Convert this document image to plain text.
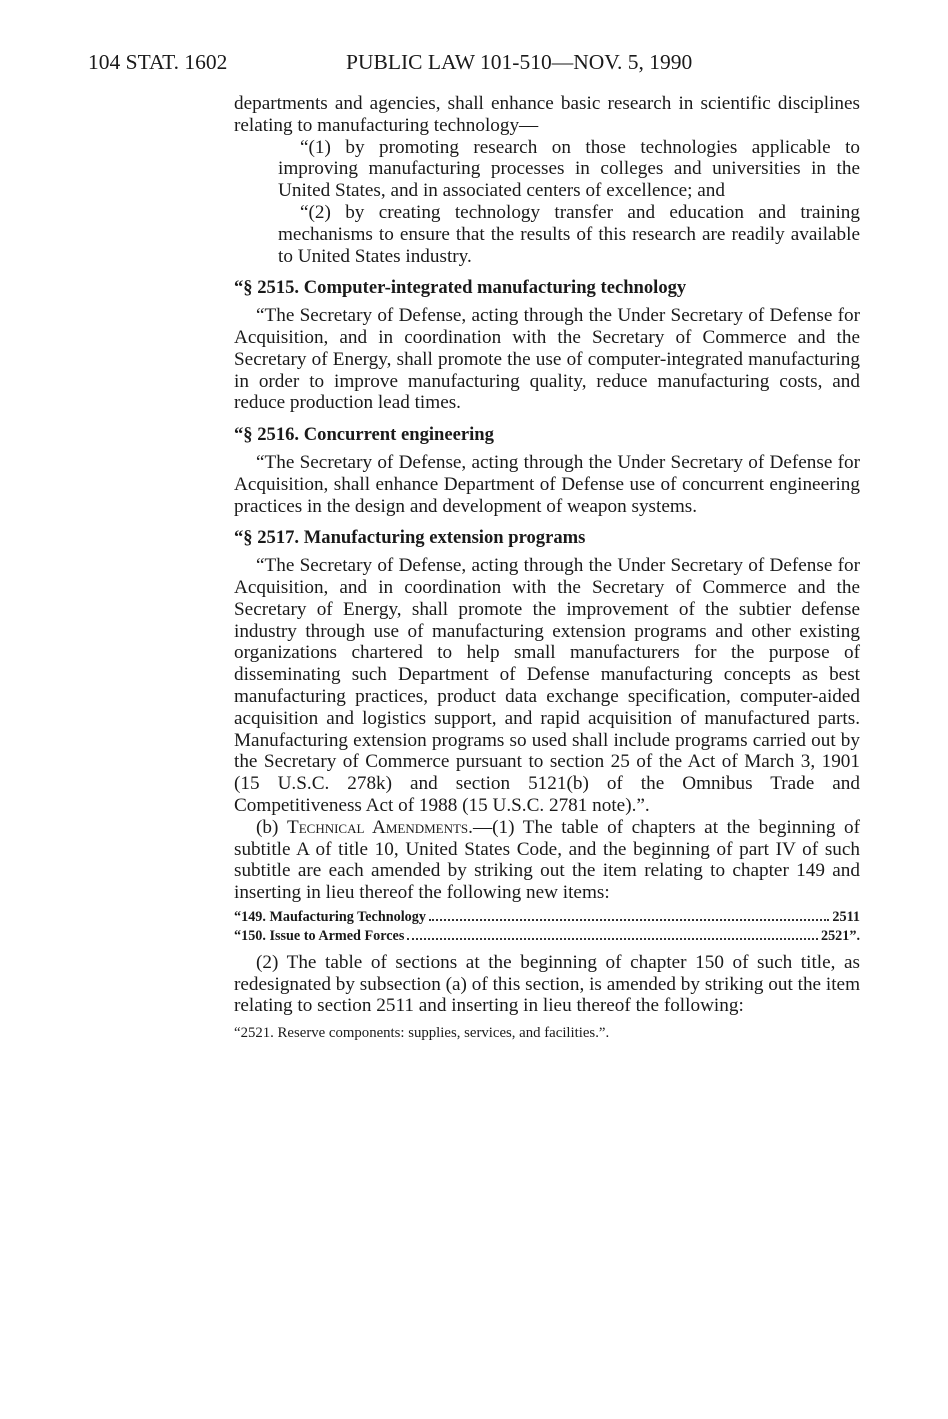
104 STAT. 1602	PUBLIC LAW 101-510—NOV. 5, 1990

departments and agencies, shall enhance basic research in scientific disciplines relating to manufacturing technology—

“(1) by promoting research on those technologies applicable to improving manufacturing processes in colleges and universities in the United States, and in associated centers of excellence; and

“(2) by creating technology transfer and education and training mechanisms to ensure that the results of this research are readily available to United States industry.

“§ 2515. Computer-integrated manufacturing technology

“The Secretary of Defense, acting through the Under Secretary of Defense for Acquisition, and in coordination with the Secretary of Commerce and the Secretary of Energy, shall promote the use of computer-integrated manufacturing in order to improve manufacturing quality, reduce manufacturing costs, and reduce production lead times.

“§ 2516. Concurrent engineering

“The Secretary of Defense, acting through the Under Secretary of Defense for Acquisition, shall enhance Department of Defense use of concurrent engineering practices in the design and development of weapon systems.

“§ 2517. Manufacturing extension programs

“The Secretary of Defense, acting through the Under Secretary of Defense for Acquisition, and in coordination with the Secretary of Commerce and the Secretary of Energy, shall promote the improvement of the subtier defense industry through use of manufacturing extension programs and other existing organizations chartered to help small manufacturers for the purpose of disseminating such Department of Defense manufacturing concepts as best manufacturing practices, product data exchange specification, computer-aided acquisition and logistics support, and rapid acquisition of manufactured parts. Manufacturing extension programs so used shall include programs carried out by the Secretary of Commerce pursuant to section 25 of the Act of March 3, 1901 (15 U.S.C. 278k) and section 5121(b) of the Omnibus Trade and Competitiveness Act of 1988 (15 U.S.C. 2781 note).”.

(b) Technical Amendments.—(1) The table of chapters at the beginning of subtitle A of title 10, United States Code, and the beginning of part IV of such subtitle are each amended by striking out the item relating to chapter 149 and inserting in lieu thereof the following new items:

“149. Maufacturing Technology	2511
“150. Issue to Armed Forces	2521”.

(2) The table of sections at the beginning of chapter 150 of such title, as redesignated by subsection (a) of this section, is amended by striking out the item relating to section 2511 and inserting in lieu thereof the following:

“2521. Reserve components: supplies, services, and facilities.”.
